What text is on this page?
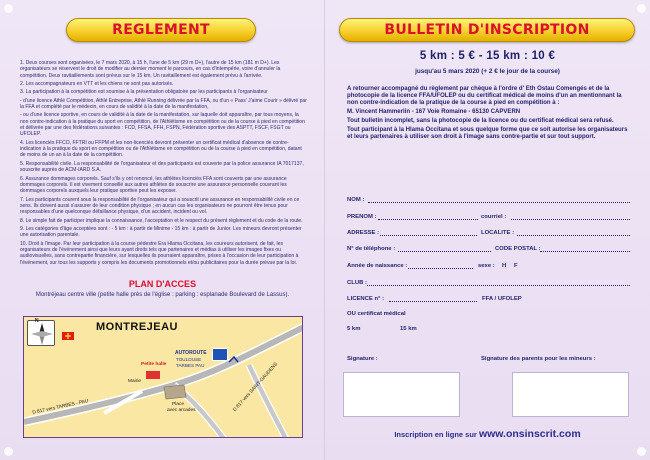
REGLEMENT

1. Deux courses sont organisées, le 7 mars 2020, à 15 h, l'une de 5 km (29 m D+), l'autre de 15 km (181 m D+). Les organisateurs se réservent le droit de modifier au dernier moment le parcours, en cas d'intempérie, voire d'annuler la compétition. Deux ravitaillements sont prévus sur le 15 km. Un ravitaillement est également prévu à l'arrivée.

2. Les accompagnateurs en VTT et les chiens ne sont pas autorisés.

3. La participation à la compétition est soumise à la présentation obligatoire par les participants à l'organisateur

- d'une licence Athlé Compétition, Athlé Entreprise, Athlé Running délivrée par la FFA, ou d'un « Pass' J'aime Courir » délivré par la FFA et complété par le médecin, en cours de validité à la date de la manifestation,

- ou d'une licence sportive, en cours de validité à la date de la manifestation, sur laquelle doit apparaître, par tous moyens, la non contre-indication à la pratique du sport en compétition, de l'Athlétisme en compétition ou de la course à pied en compétition et délivrée par une des fédérations suivantes : FCD, FFSA, FFH, FSPN, Fédération sportive des ASPTT, FSCF, FSGT ou UFOLEP.

4. Les licenciés FFCO, FFTRI ou FFPM et les non-licenciés devront présenter un certificat médical d'absence de contre-indication à la pratique du sport en compétition ou de l'Athlétisme en compétition ou de la course à pied en compétition, datant de moins de un an à la date de la compétition.

5. Responsabilité civile. La responsabilité de l'organisateur et des participants est couverte par la police assurance IA 7017137, souscrite auprès de ACM-IARD S.A.

6. Assurance dommages corporels. Sauf s'ils y ont renoncé, les athlètes licenciés FFA sont couverts par une assurance dommages corporels. Il est vivement conseillé aux autres athlètes de souscrire une assurance personnelle couvrant les dommages corporels auxquels leur pratique sportive peut les exposer.

7. Les participants courent sous la responsabilité de l'organisateur qui a souscrit une assurance en responsabilité civile en ce sens. Ils doivent aussi s'assurer de leur condition physique ; en aucun cas les organisateurs ne pourront être tenus pour responsables d'une quelconque défaillance physique, d'un accident, incident ou vol.

8. Le simple fait de participer implique la connaissance, l'acceptation et le respect du présent règlement et du code de la route.

9. Les catégories d'âge acceptées sont : - 5 km : à partir de Minime - 15 km : à partir de Junior. Les mineurs devront présenter une autorisation parentale.

10. Droit à l'image. Par leur participation à la course pédestre Era Hlama Occitana, les coureurs autorisent, de fait, les organisateurs de l'événement ainsi que leurs ayant droits tels que partenaires et médias à utiliser les images fixes ou audiovisuelles, sans contrepartie financière, sur lesquelles ils pourraient apparaître, prises à l'occasion de leur participation à l'événement, sur tous les supports y compris les documents promotionnels et/ou publicitaires pour la durée prévue par la loi.

PLAN D'ACCES
Montréjeau centre ville (petite halle près de l'église : parking : esplanade Boulevard de Lassus).
N	MONTREJEAU
AUTOROUTE
TOULOUSE
TARBES PAU
D 817 vers TARBES - PAU	D 817 vers SAINT-GAUDENS
Petite halle
Mairie
Place
avec arcades
BULLETIN D'INSCRIPTION
5 km : 5 € - 15 km : 10 €
jusqu'au 5 mars 2020 (+ 2 € le jour de la course)

A retourner accompagné du règlement par chèque à l'ordre d' Eth Ostau Comengés et de la photocopie de la licence FFA/UFOLEP ou du certificat médical de moins d'un an mentionnant la non contre-indication de la pratique de la course à pied en compétition à :

M. Vincent Hammerlin - 167 Voie Romaine - 65130 CAPVERN

Tout bulletin incomplet, sans la photocopie de la licence ou du certificat médical sera refusé.

Tout participant à la Hlama Occitana et sous quelque forme que ce soit autorise les organisateurs et leurs partenaires à utiliser son droit à l'image sans contre-partie et sur tout support.

NOM :
PRENOM :	courriel :
ADRESSE :	LOCALITE :
N° de téléphone :	CODE POSTAL :
Année de naissance :	sexe : H F
CLUB :
LICENCE n° :	FFA / UFOLEP
OU certificat médical
5 km	15 km
Signature :	Signature des parents pour les mineurs :
Inscription en ligne sur www.onsinscrit.com
